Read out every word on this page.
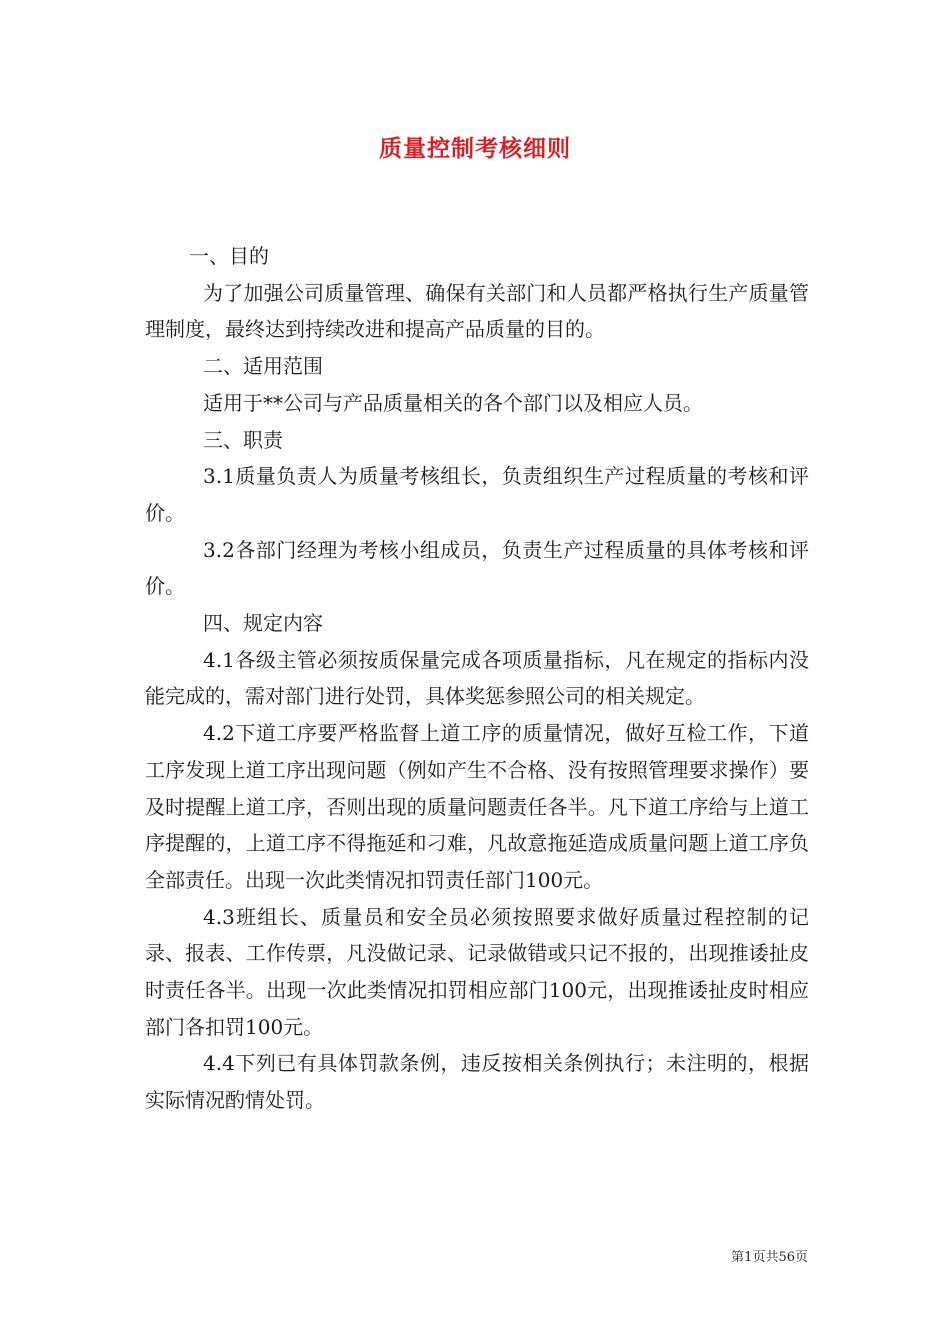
质量控制考核细则

一、目的

为了加强公司质量管理、确保有关部门和人员都严格执行生产质量管理制度，最终达到持续改进和提高产品质量的目的。

二、适用范围

适用于**公司与产品质量相关的各个部门以及相应人员。

三、职责

3.1质量负责人为质量考核组长，负责组织生产过程质量的考核和评价。

3.2各部门经理为考核小组成员，负责生产过程质量的具体考核和评价。

四、规定内容

4.1各级主管必须按质保量完成各项质量指标，凡在规定的指标内没能完成的，需对部门进行处罚，具体奖惩参照公司的相关规定。

4.2下道工序要严格监督上道工序的质量情况，做好互检工作，下道工序发现上道工序出现问题（例如产生不合格、没有按照管理要求操作）要及时提醒上道工序，否则出现的质量问题责任各半。凡下道工序给与上道工序提醒的，上道工序不得拖延和刁难，凡故意拖延造成质量问题上道工序负全部责任。出现一次此类情况扣罚责任部门100元。

4.3班组长、质量员和安全员必须按照要求做好质量过程控制的记录、报表、工作传票，凡没做记录、记录做错或只记不报的，出现推诿扯皮时责任各半。出现一次此类情况扣罚相应部门100元，出现推诿扯皮时相应部门各扣罚100元。

4.4下列已有具体罚款条例，违反按相关条例执行；未注明的，根据实际情况酌情处罚。

第1页共56页
